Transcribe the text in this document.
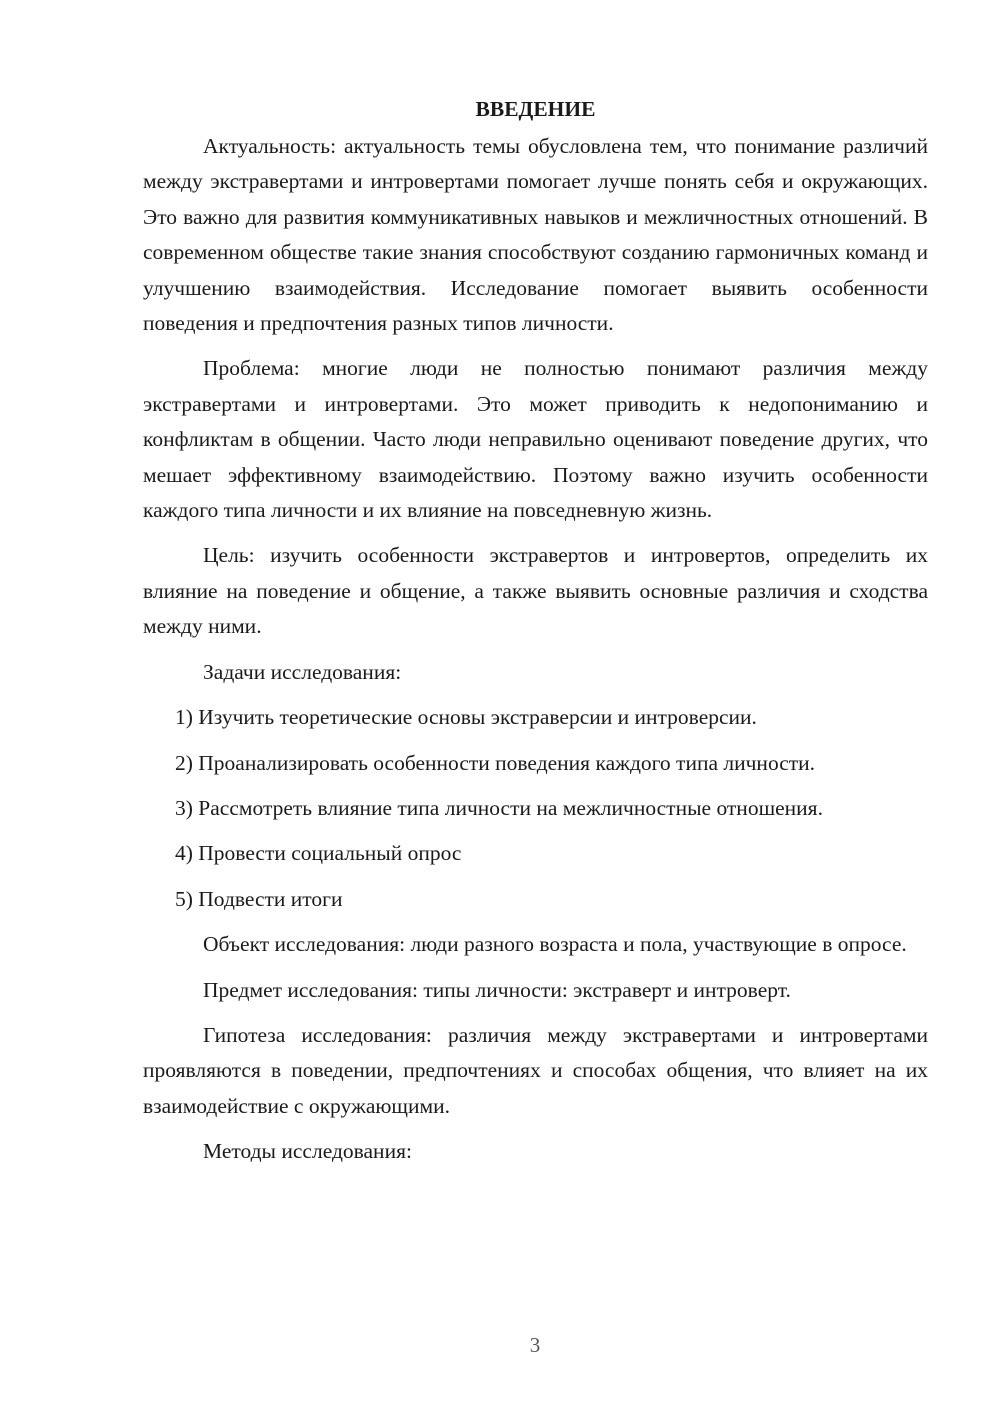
ВВЕДЕНИЕ

Актуальность: актуальность темы обусловлена тем, что понимание различий между экстравертами и интровертами помогает лучше понять себя и окружающих. Это важно для развития коммуникативных навыков и межличностных отношений. В современном обществе такие знания способствуют созданию гармоничных команд и улучшению взаимодействия. Исследование помогает выявить особенности поведения и предпочтения разных типов личности.

Проблема: многие люди не полностью понимают различия между экстравертами и интровертами. Это может приводить к недопониманию и конфликтам в общении. Часто люди неправильно оценивают поведение других, что мешает эффективному взаимодействию. Поэтому важно изучить особенности каждого типа личности и их влияние на повседневную жизнь.

Цель: изучить особенности экстравертов и интровертов, определить их влияние на поведение и общение, а также выявить основные различия и сходства между ними.

Задачи исследования:

1) Изучить теоретические основы экстраверсии и интроверсии.
2) Проанализировать особенности поведения каждого типа личности.
3) Рассмотреть влияние типа личности на межличностные отношения.
4) Провести социальный опрос
5) Подвести итоги

Объект исследования: люди разного возраста и пола, участвующие в опросе.

Предмет исследования: типы личности: экстраверт и интроверт.

Гипотеза исследования: различия между экстравертами и интровертами проявляются в поведении, предпочтениях и способах общения, что влияет на их взаимодействие с окружающими.

Методы исследования:

3
